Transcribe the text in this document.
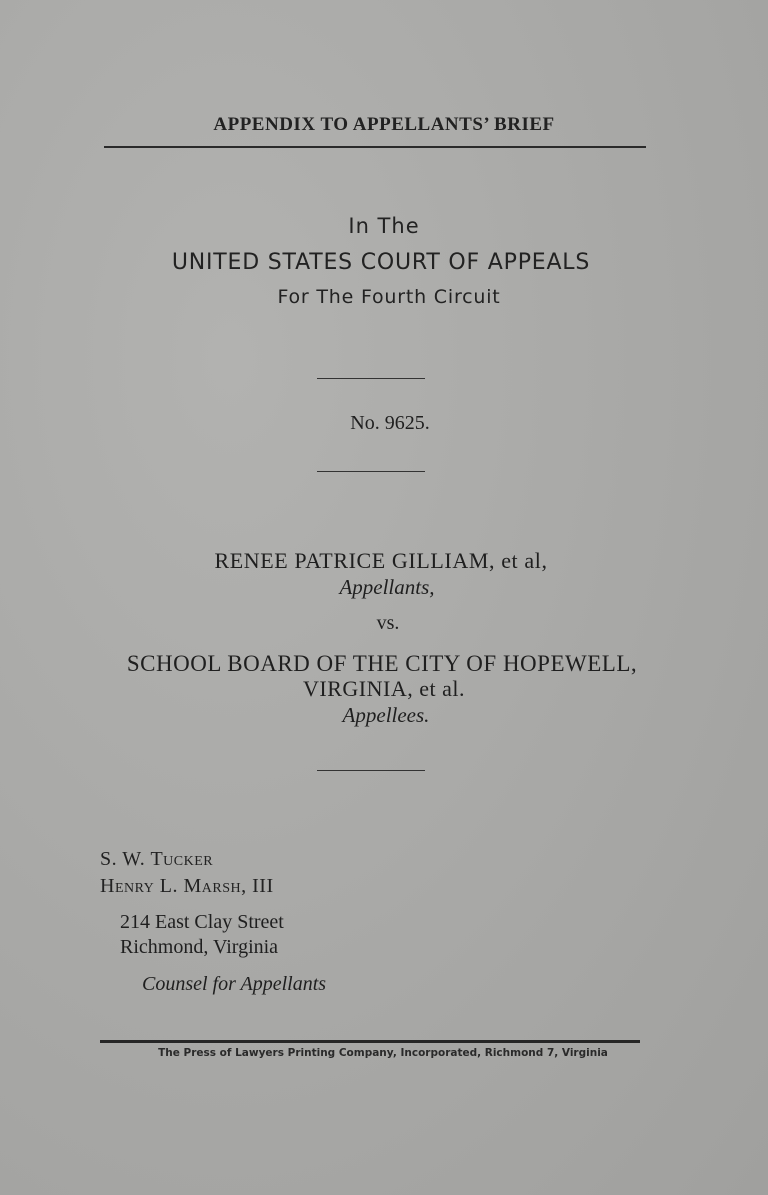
APPENDIX TO APPELLANTS’ BRIEF
In The
UNITED STATES COURT OF APPEALS
For The Fourth Circuit
No. 9625.
RENEE PATRICE GILLIAM, et al,
Appellants,
vs.
SCHOOL BOARD OF THE CITY OF HOPEWELL,
VIRGINIA, et al.
Appellees.
S. W. Tucker
Henry L. Marsh, III
214 East Clay Street
Richmond, Virginia
Counsel for Appellants
The Press of Lawyers Printing Company, Incorporated, Richmond 7, Virginia
